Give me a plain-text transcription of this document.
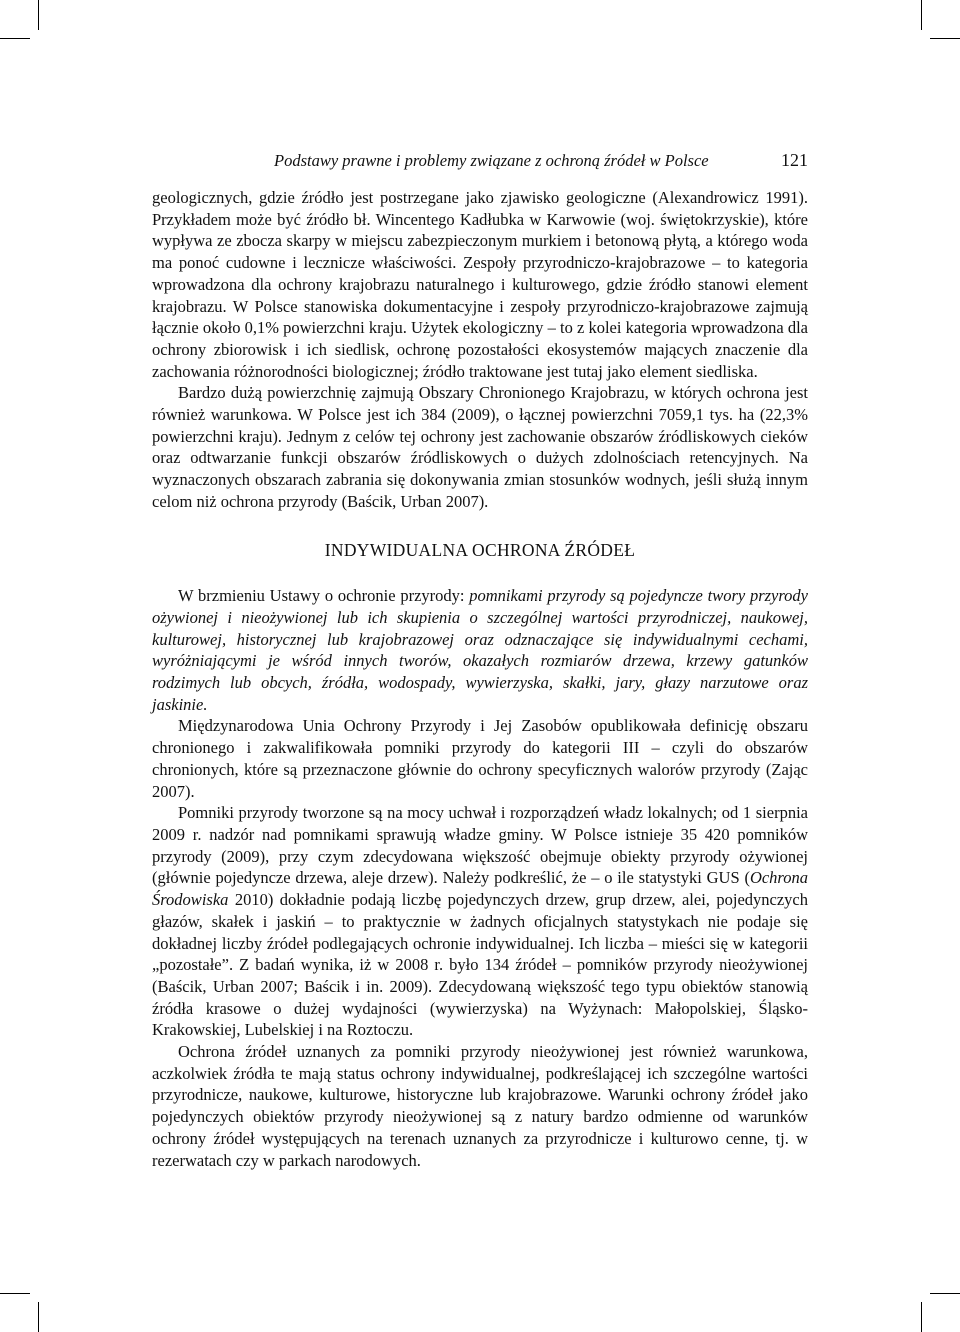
Podstawy prawne i problemy związane z ochroną źródeł w Polsce	121

geologicznych, gdzie źródło jest postrzegane jako zjawisko geologiczne (Alexandrowicz 1991). Przykładem może być źródło bł. Wincentego Kadłubka w Karwowie (woj. świętokrzyskie), które wypływa ze zbocza skarpy w miejscu zabezpieczonym murkiem i betonową płytą, a którego woda ma ponoć cudowne i lecznicze właściwości. Zespoły przyrodniczo-krajobrazowe – to kategoria wprowadzona dla ochrony krajobrazu naturalnego i kulturowego, gdzie źródło stanowi element krajobrazu. W Polsce stanowiska dokumentacyjne i zespoły przyrodniczo-krajobrazowe zajmują łącznie około 0,1% powierzchni kraju. Użytek ekologiczny – to z kolei kategoria wprowadzona dla ochrony zbiorowisk i ich siedlisk, ochronę pozostałości ekosystemów mających znaczenie dla zachowania różnorodności biologicznej; źródło traktowane jest tutaj jako element siedliska.

Bardzo dużą powierzchnię zajmują Obszary Chronionego Krajobrazu, w których ochrona jest również warunkowa. W Polsce jest ich 384 (2009), o łącznej powierzchni 7059,1 tys. ha (22,3% powierzchni kraju). Jednym z celów tej ochrony jest zachowanie obszarów źródliskowych cieków oraz odtwarzanie funkcji obszarów źródliskowych o dużych zdolnościach retencyjnych. Na wyznaczonych obszarach zabrania się dokonywania zmian stosunków wodnych, jeśli służą innym celom niż ochrona przyrody (Baścik, Urban 2007).

INDYWIDUALNA OCHRONA ŹRÓDEŁ

W brzmieniu Ustawy o ochronie przyrody: pomnikami przyrody są pojedyncze twory przyrody ożywionej i nieożywionej lub ich skupienia o szczególnej wartości przyrodniczej, naukowej, kulturowej, historycznej lub krajobrazowej oraz odznaczające się indywidualnymi cechami, wyróżniającymi je wśród innych tworów, okazałych rozmiarów drzewa, krzewy gatunków rodzimych lub obcych, źródła, wodospady, wywierzyska, skałki, jary, głazy narzutowe oraz jaskinie.

Międzynarodowa Unia Ochrony Przyrody i Jej Zasobów opublikowała definicję obszaru chronionego i zakwalifikowała pomniki przyrody do kategorii III – czyli do obszarów chronionych, które są przeznaczone głównie do ochrony specyficznych walorów przyrody (Zając 2007).

Pomniki przyrody tworzone są na mocy uchwał i rozporządzeń władz lokalnych; od 1 sierpnia 2009 r. nadzór nad pomnikami sprawują władze gminy. W Polsce istnieje 35 420 pomników przyrody (2009), przy czym zdecydowana większość obejmuje obiekty przyrody ożywionej (głównie pojedyncze drzewa, aleje drzew). Należy podkreślić, że – o ile statystyki GUS (Ochrona Środowiska 2010) dokładnie podają liczbę pojedynczych drzew, grup drzew, alei, pojedynczych głazów, skałek i jaskiń – to praktycznie w żadnych oficjalnych statystykach nie podaje się dokładnej liczby źródeł podlegających ochronie indywidualnej. Ich liczba – mieści się w kategorii „pozostałe”. Z badań wynika, iż w 2008 r. było 134 źródeł – pomników przyrody nieożywionej (Baścik, Urban 2007; Baścik i in. 2009). Zdecydowaną większość tego typu obiektów stanowią źródła krasowe o dużej wydajności (wywierzyska) na Wyżynach: Małopolskiej, Śląsko-Krakowskiej, Lubelskiej i na Roztoczu.

Ochrona źródeł uznanych za pomniki przyrody nieożywionej jest również warunkowa, aczkolwiek źródła te mają status ochrony indywidualnej, podkreślającej ich szczególne wartości przyrodnicze, naukowe, kulturowe, historyczne lub krajobrazowe. Warunki ochrony źródeł jako pojedynczych obiektów przyrody nieożywionej są z natury bardzo odmienne od warunków ochrony źródeł występujących na terenach uznanych za przyrodnicze i kulturowo cenne, tj. w rezerwatach czy w parkach narodowych.
